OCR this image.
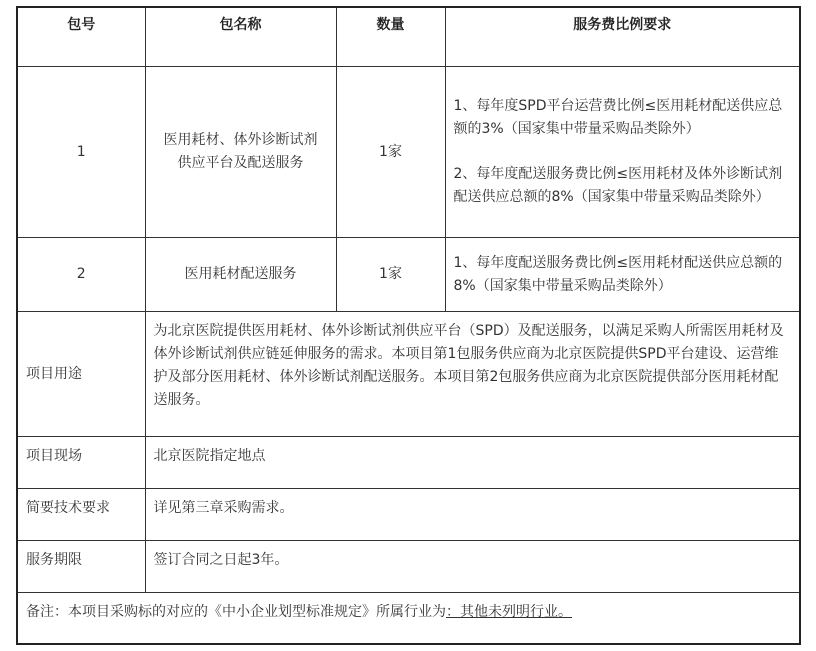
包号	包名称	数量	服务费比例要求
1	医用耗材、体外诊断试剂供应平台及配送服务	1家	1、每年度SPD平台运营费比例≤医用耗材配送供应总额的3%（国家集中带量采购品类除外）

2、每年度配送服务费比例≤医用耗材及体外诊断试剂配送供应总额的8%（国家集中带量采购品类除外）

2	医用耗材配送服务	1家	1、每年度配送服务费比例≤医用耗材配送供应总额的8%（国家集中带量采购品类除外）

项目用途	为北京医院提供医用耗材、体外诊断试剂供应平台（SPD）及配送服务，以满足采购人所需医用耗材及体外诊断试剂供应链延伸服务的需求。本项目第1包服务供应商为北京医院提供SPD平台建设、运营维护及部分医用耗材、体外诊断试剂配送服务。本项目第2包服务供应商为北京医院提供部分医用耗材配送服务。		
项目现场	北京医院指定地点		
简要技术要求	详见第三章采购需求。		
服务期限	签订合同之日起3年。		
备注：本项目采购标的对应的《中小企业划型标准规定》所属行业为：其他未列明行业。			
